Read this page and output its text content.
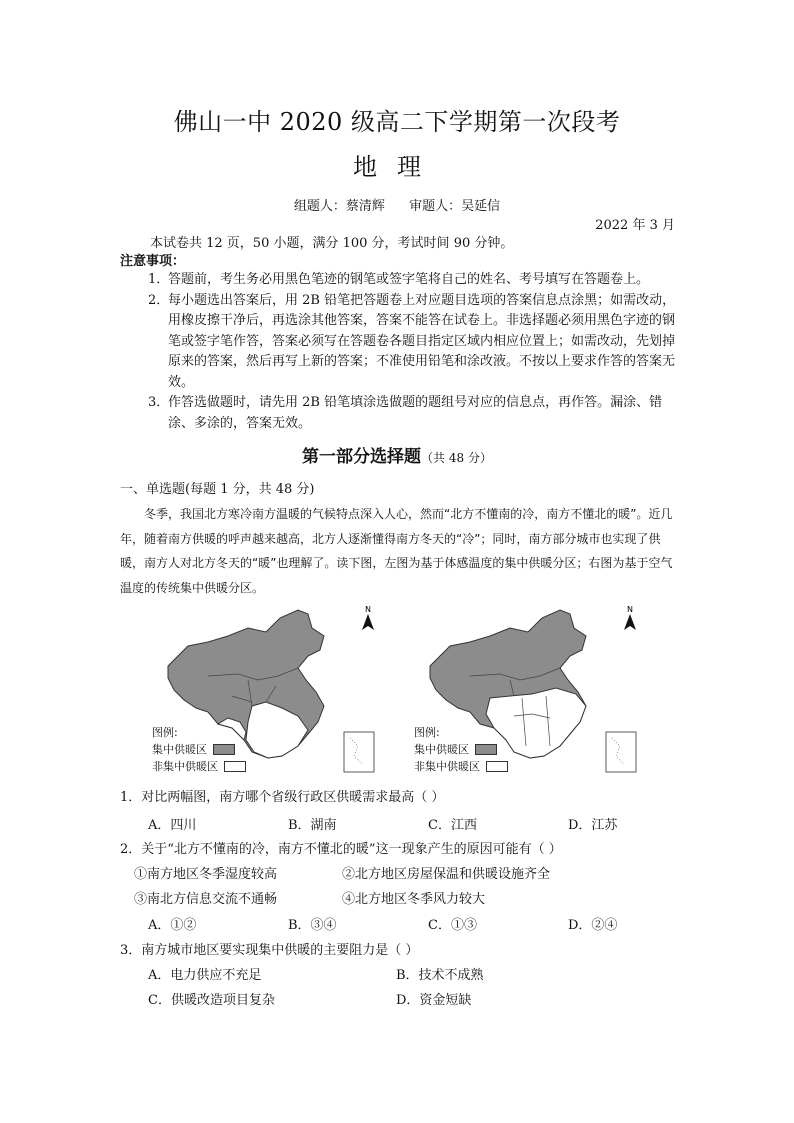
佛山一中 2020 级高二下学期第一次段考
地理
组题人：蔡清辉 审题人：吴延信
2022 年 3 月
本试卷共 12 页，50 小题，满分 100 分，考试时间 90 分钟。
注意事项：
1．
答题前，考生务必用黑色笔迹的钢笔或签字笔将自己的姓名、考号填写在答题卷上。
2．
每小题选出答案后，用 2B 铅笔把答题卷上对应题目选项的答案信息点涂黑；如需改动，用橡皮擦干净后，再选涂其他答案，答案不能答在试卷上。非选择题必须用黑色字迹的钢笔或签字笔作答，答案必须写在答题卷各题目指定区域内相应位置上；如需改动，先划掉原来的答案，然后再写上新的答案；不准使用铅笔和涂改液。不按以上要求作答的答案无效。
3．
作答选做题时，请先用 2B 铅笔填涂选做题的题组号对应的信息点，再作答。漏涂、错涂、多涂的，答案无效。
第一部分选择题（共 48 分）
一、单选题(每题 1 分，共 48 分)
冬季，我国北方寒冷南方温暖的气候特点深入人心，然而“北方不懂南的冷，南方不懂北的暖”。近几年，随着南方供暖的呼声越来越高，北方人逐渐懂得南方冬天的“冷”；同时，南方部分城市也实现了供暖，南方人对北方冬天的“暖”也理解了。读下图，左图为基于体感温度的集中供暖分区；右图为基于空气温度的传统集中供暖分区。
N
图例:
集中供暖区
非集中供暖区
N
图例:
集中供暖区
非集中供暖区
1．对比两幅图，南方哪个省级行政区供暖需求最高（ ）
A．四川	B．湖南	C．江西	D．江苏
2．关于“北方不懂南的冷，南方不懂北的暖”这一现象产生的原因可能有（ ）
①南方地区冬季湿度较高	②北方地区房屋保温和供暖设施齐全
③南北方信息交流不通畅	④北方地区冬季风力较大
A．①②	B．③④	C．①③	D．②④
3．南方城市地区要实现集中供暖的主要阻力是（ ）
A．电力供应不充足	B．技术不成熟
C．供暖改造项目复杂	D．资金短缺
